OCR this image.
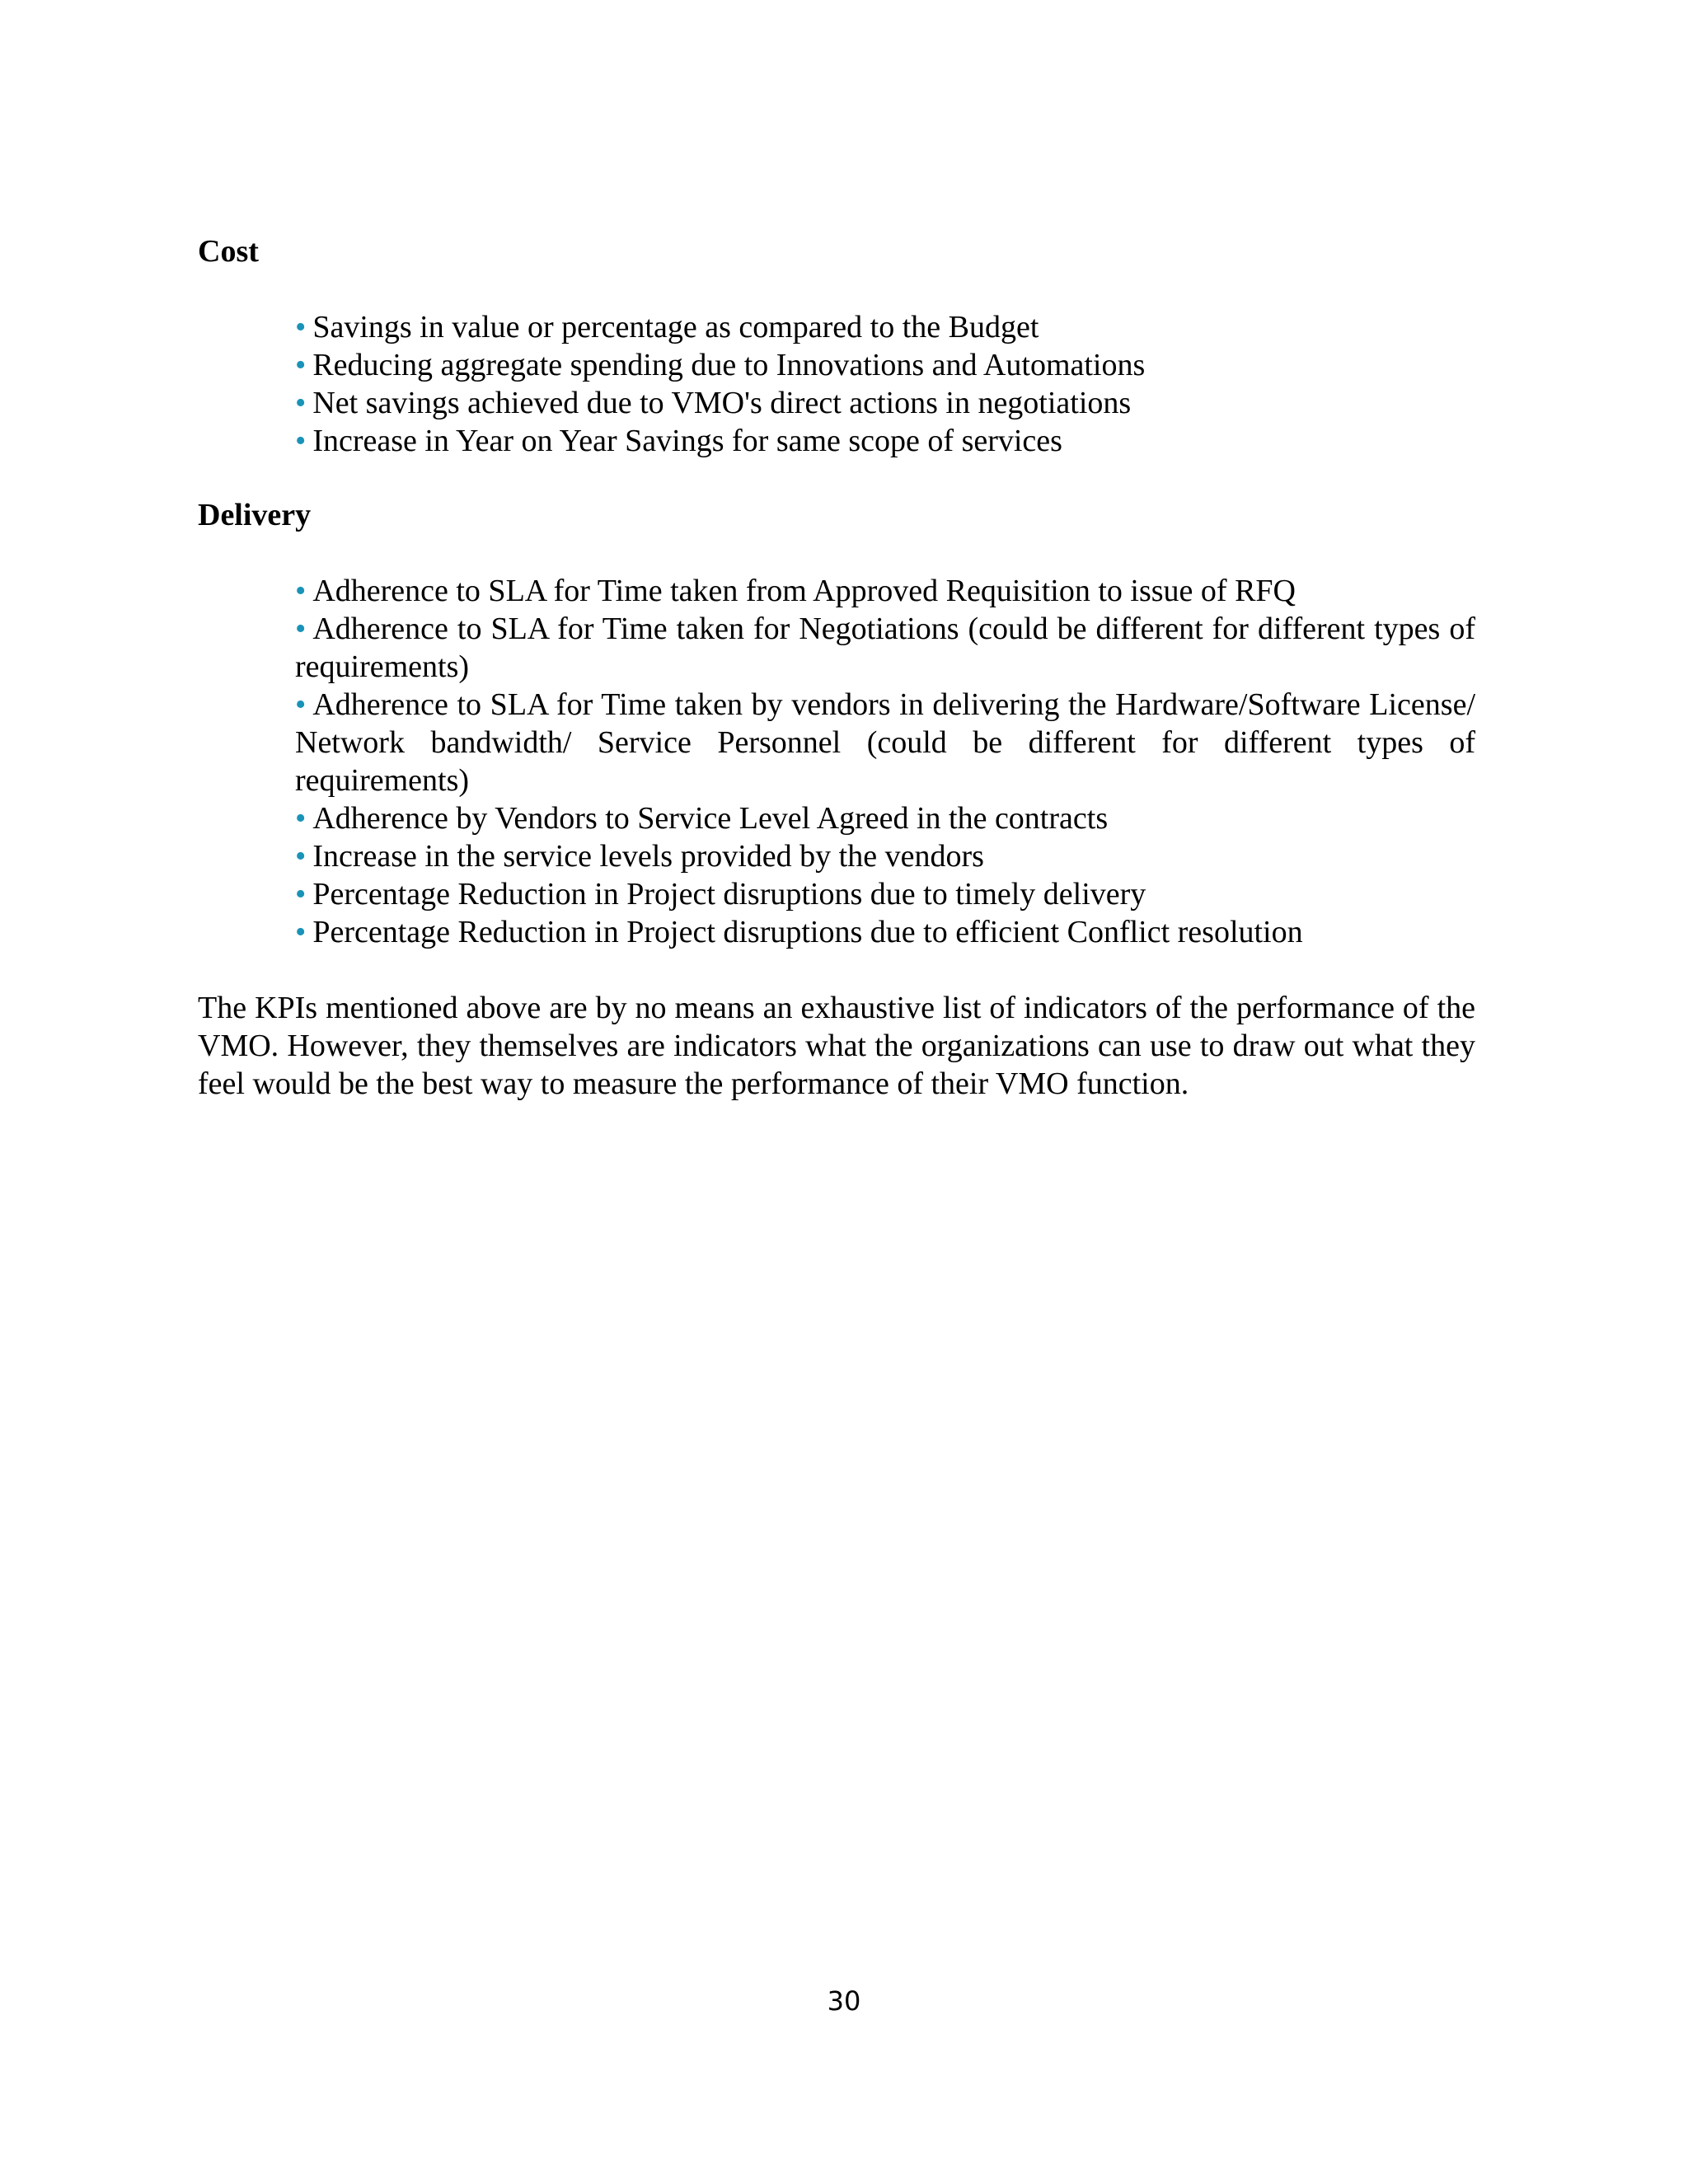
Cost
• Savings in value or percentage as compared to the Budget
• Reducing aggregate spending due to Innovations and Automations
• Net savings achieved due to VMO's direct actions in negotiations
• Increase in Year on Year Savings for same scope of services
Delivery
• Adherence to SLA for Time taken from Approved Requisition to issue of RFQ
• Adherence to SLA for Time taken for Negotiations (could be different for different types of requirements)
• Adherence to SLA for Time taken by vendors in delivering the Hardware/Software License/ Network bandwidth/ Service Personnel (could be different for different types of requirements)
• Adherence by Vendors to Service Level Agreed in the contracts
• Increase in the service levels provided by the vendors
• Percentage Reduction in Project disruptions due to timely delivery
• Percentage Reduction in Project disruptions due to efficient Conflict resolution

The KPIs mentioned above are by no means an exhaustive list of indicators of the performance of the VMO. However, they themselves are indicators what the organizations can use to draw out what they feel would be the best way to measure the performance of their VMO function.

30
